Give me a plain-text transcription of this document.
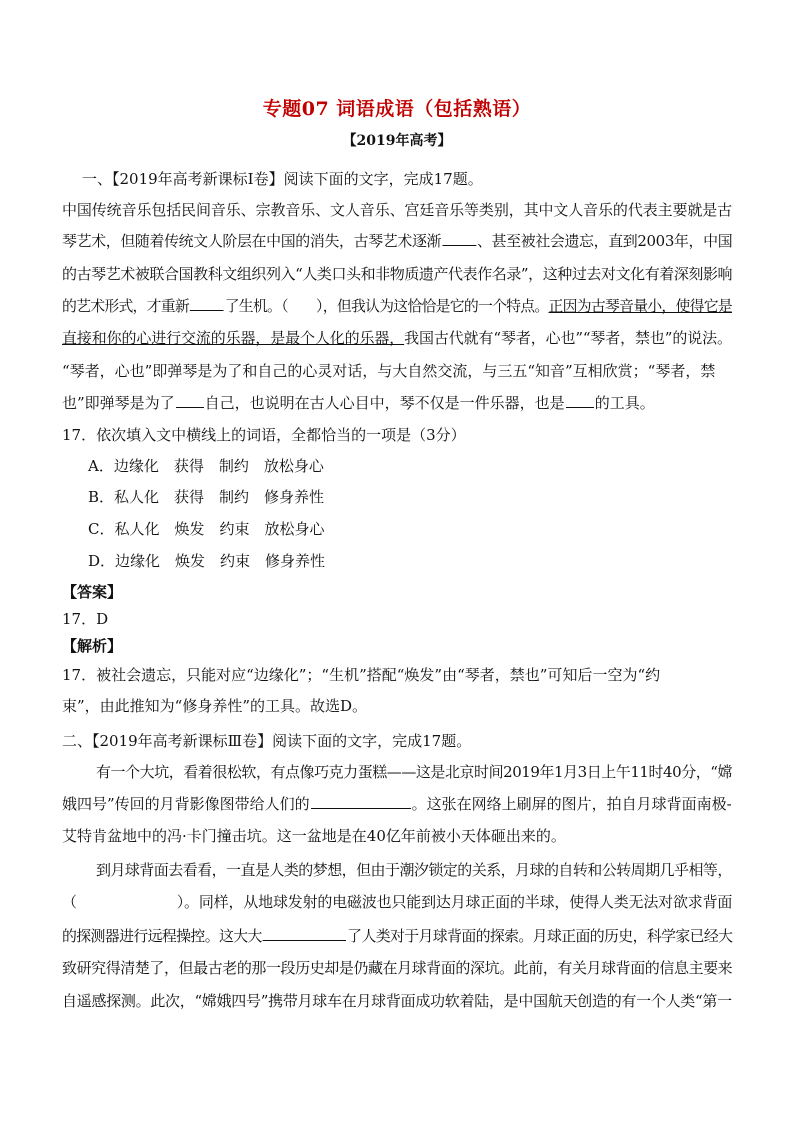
专题07 词语成语（包括熟语）
【2019年高考】
一、【2019年高考新课标Ⅰ卷】阅读下面的文字，完成17题。
中国传统音乐包括民间音乐、宗教音乐、文人音乐、宫廷音乐等类别，其中文人音乐的代表主要就是古
琴艺术，但随着传统文人阶层在中国的消失，古琴艺术逐渐 、甚至被社会遗忘，直到2003年，中国
的古琴艺术被联合国教科文组织列入“人类口头和非物质遗产代表作名录”，这种过去对文化有着深刻影响
的艺术形式，才重新 了生机。（　　），但我认为这恰恰是它的一个特点。正因为古琴音量小，使得它是
直接和你的心进行交流的乐器，是最个人化的乐器，我国古代就有“琴者，心也”“琴者，禁也”的说法。
“琴者，心也”即弹琴是为了和自己的心灵对话，与大自然交流，与三五“知音”互相欣赏；“琴者，禁
也”即弹琴是为了 自己，也说明在古人心目中，琴不仅是一件乐器，也是 的工具。
17．依次填入文中横线上的词语，全都恰当的一项是（3分）
A．边缘化　获得　制约　放松身心
B．私人化　获得　制约　修身养性
C．私人化　焕发　约束　放松身心
D．边缘化　焕发　约束　修身养性
【答案】
17．D
【解析】
17．被社会遗忘，只能对应“边缘化”；“生机”搭配“焕发”由“琴者，禁也”可知后一空为“约
束”，由此推知为“修身养性”的工具。故选D。
二、【2019年高考新课标Ⅲ卷】阅读下面的文字，完成17题。
有一个大坑，看着很松软，有点像巧克力蛋糕——这是北京时间2019年1月3日上午11时40分，“嫦
娥四号”传回的月背影像图带给人们的	。这张在网络上刷屏的图片，拍自月球背面南极-
艾特肯盆地中的冯·卡门撞击坑。这一盆地是在40亿年前被小天体砸出来的。
到月球背面去看看，一直是人类的梦想，但由于潮汐锁定的关系，月球的自转和公转周期几乎相等，
（	）。同样，从地球发射的电磁波也只能到达月球正面的半球，使得人类无法对欲求背面
的探测器进行远程操控。这大大	了人类对于月球背面的探索。月球正面的历史，科学家已经大
致研究得清楚了，但最古老的那一段历史却是仍藏在月球背面的深坑。此前，有关月球背面的信息主要来
自遥感探测。此次，“嫦娥四号”携带月球车在月球背面成功软着陆，是中国航天创造的有一个人类“第一
